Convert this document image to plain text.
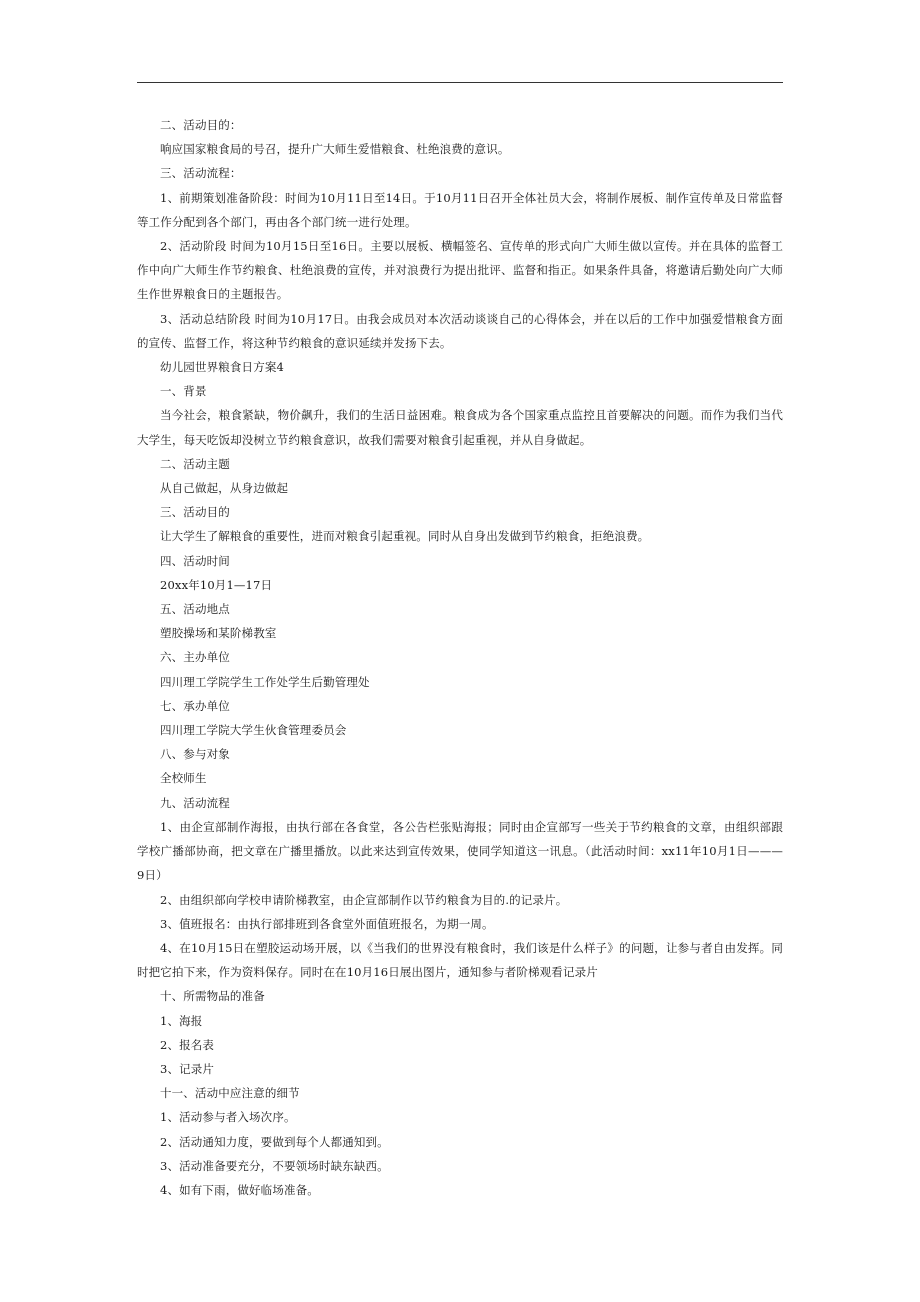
二、活动目的：

响应国家粮食局的号召，提升广大师生爱惜粮食、杜绝浪费的意识。

三、活动流程：

1、前期策划准备阶段：时间为10月11日至14日。于10月11日召开全体社员大会，将制作展板、制作宣传单及日常监督等工作分配到各个部门，再由各个部门统一进行处理。

2、活动阶段 时间为10月15日至16日。主要以展板、横幅签名、宣传单的形式向广大师生做以宣传。并在具体的监督工作中向广大师生作节约粮食、杜绝浪费的宣传，并对浪费行为提出批评、监督和指正。如果条件具备，将邀请后勤处向广大师生作世界粮食日的主题报告。

3、活动总结阶段 时间为10月17日。由我会成员对本次活动谈谈自己的心得体会，并在以后的工作中加强爱惜粮食方面的宣传、监督工作，将这种节约粮食的意识延续并发扬下去。

幼儿园世界粮食日方案4

一、背景

当今社会，粮食紧缺，物价飙升，我们的生活日益困难。粮食成为各个国家重点监控且首要解决的问题。而作为我们当代大学生，每天吃饭却没树立节约粮食意识，故我们需要对粮食引起重视，并从自身做起。

二、活动主题

从自己做起，从身边做起

三、活动目的

让大学生了解粮食的重要性，进而对粮食引起重视。同时从自身出发做到节约粮食，拒绝浪费。

四、活动时间

20xx年10月1—17日

五、活动地点

塑胶操场和某阶梯教室

六、主办单位

四川理工学院学生工作处学生后勤管理处

七、承办单位

四川理工学院大学生伙食管理委员会

八、参与对象

全校师生

九、活动流程

1、由企宣部制作海报，由执行部在各食堂，各公告栏张贴海报；同时由企宣部写一些关于节约粮食的文章，由组织部跟学校广播部协商，把文章在广播里播放。以此来达到宣传效果，使同学知道这一讯息。（此活动时间：xx11年10月1日———9日）

2、由组织部向学校申请阶梯教室，由企宣部制作以节约粮食为目的.的记录片。

3、值班报名：由执行部排班到各食堂外面值班报名，为期一周。

4、在10月15日在塑胶运动场开展，以《当我们的世界没有粮食时，我们该是什么样子》的问题，让参与者自由发挥。同时把它拍下来，作为资料保存。同时在在10月16日展出图片，通知参与者阶梯观看记录片

十、所需物品的准备

1、海报

2、报名表

3、记录片

十一、活动中应注意的细节

1、活动参与者入场次序。

2、活动通知力度，要做到每个人都通知到。

3、活动准备要充分，不要领场时缺东缺西。

4、如有下雨，做好临场准备。
